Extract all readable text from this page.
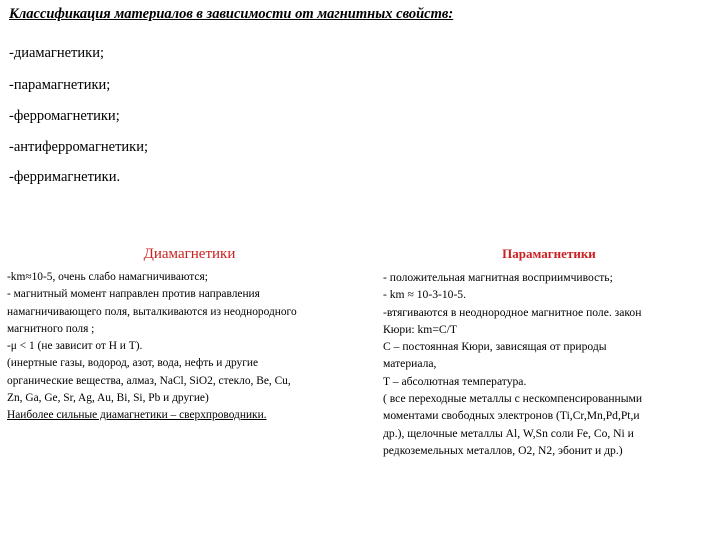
Классификация материалов в зависимости от магнитных свойств:
-диамагнетики;
-парамагнетики;
-ферромагнетики;
-антиферромагнетики;
-ферримагнетики.
Диамагнетики
-km≈10-5, очень слабо намагничиваются;
- магнитный момент направлен против направления
намагничивающего поля, выталкиваются из неоднородного
магнитного поля ;
-μ < 1 (не зависит от H и T).
(инертные газы, водород, азот, вода, нефть и другие
органические вещества, алмаз, NaCl, SiO2, стекло, Be, Cu,
Zn, Ga, Ge, Sr, Ag, Au, Bi, Si, Pb и другие)
Наиболее сильные диамагнетики – сверхпроводники.
Парамагнетики
- положительная магнитная восприимчивость;
- km ≈ 10-3-10-5.
-втягиваются в неоднородное магнитное поле. закон
Кюри: km=C/T
C – постоянная Кюри, зависящая от природы
материала,
T – абсолютная температура.
( все переходные металлы с нескомпенсированными
моментами свободных электронов (Ti,Cr,Mn,Pd,Pt,и
др.), щелочные металлы Al, W,Sn соли Fe, Co, Ni и
редкоземельных металлов, O2, N2, эбонит и др.)
